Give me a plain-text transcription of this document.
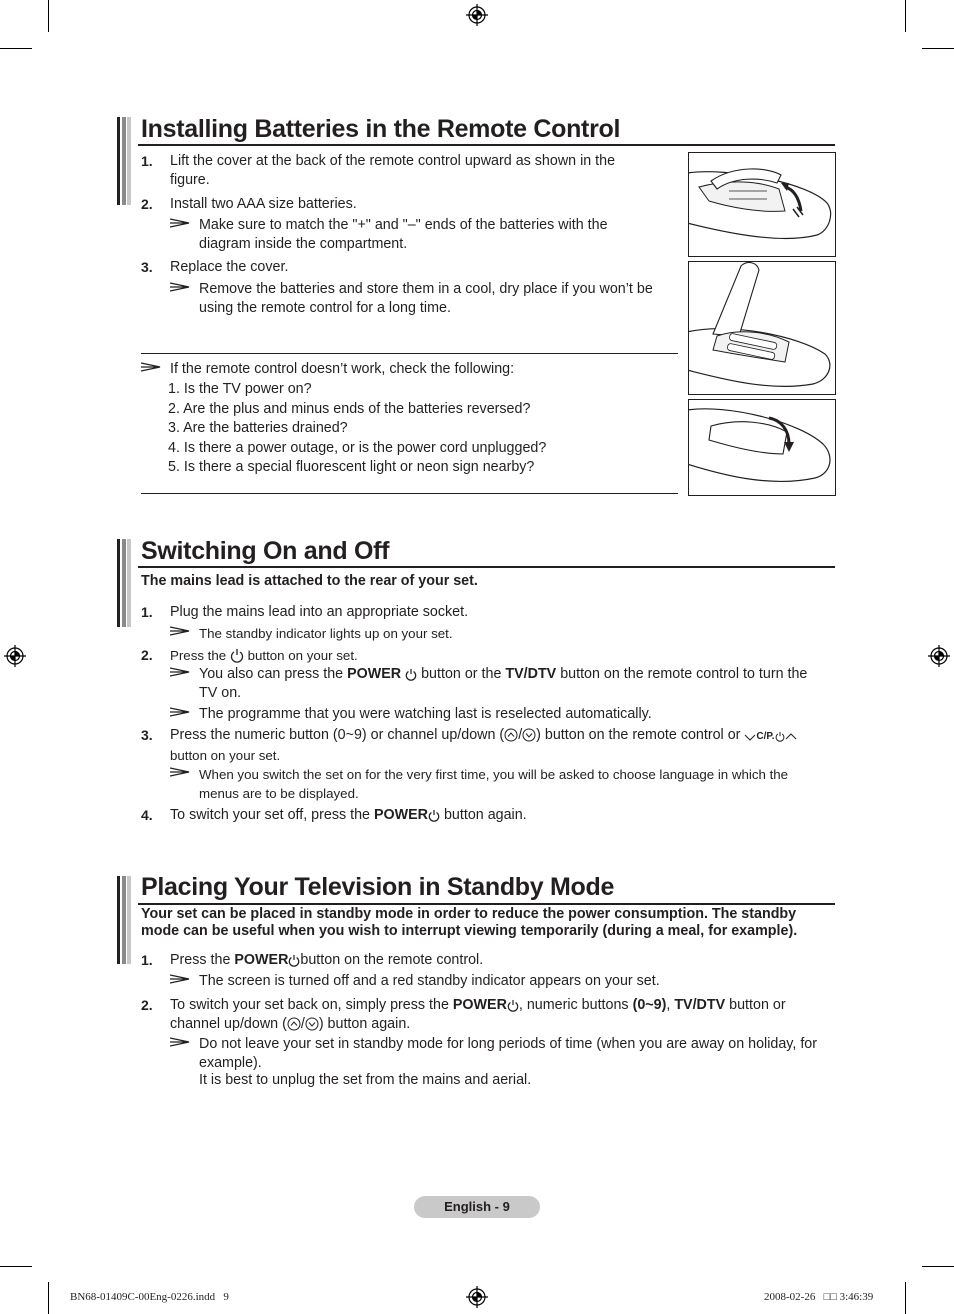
Installing Batteries in the Remote Control
1. Lift the cover at the back of the remote control upward as shown in the figure.
2. Install two AAA size batteries.
Make sure to match the "+" and "–" ends of the batteries with the diagram inside the compartment.
3. Replace the cover.
Remove the batteries and store them in a cool, dry place if you won’t be using the remote control for a long time.
If the remote control doesn’t work, check the following:
1. Is the TV power on?
2. Are the plus and minus ends of the batteries reversed?
3. Are the batteries drained?
4. Is there a power outage, or is the power cord unplugged?
5. Is there a special fluorescent light or neon sign nearby?
Switching On and Off
The mains lead is attached to the rear of your set.
1. Plug the mains lead into an appropriate socket.
The standby indicator lights up on your set.
2. Press the button on your set.
You also can press the POWER button or the TV/DTV button on the remote control to turn the TV on.
The programme that you were watching last is reselected automatically.
3. Press the numeric button (0~9) or channel up/down ( / ) button on the remote control or C/P.
button on your set.
When you switch the set on for the very first time, you will be asked to choose language in which the menus are to be displayed.
4. To switch your set off, press the POWER button again.
Placing Your Television in Standby Mode
Your set can be placed in standby mode in order to reduce the power consumption. The standby mode can be useful when you wish to interrupt viewing temporarily (during a meal, for example).
1. Press the POWER button on the remote control.
The screen is turned off and a red standby indicator appears on your set.
2. To switch your set back on, simply press the POWER , numeric buttons (0~9), TV/DTV button or channel up/down ( / ) button again.
Do not leave your set in standby mode for long periods of time (when you are away on holiday, for example).
It is best to unplug the set from the mains and aerial.
English - 9
BN68-01409C-00Eng-0226.indd   9	2008-02-26   □□ 3:46:39
